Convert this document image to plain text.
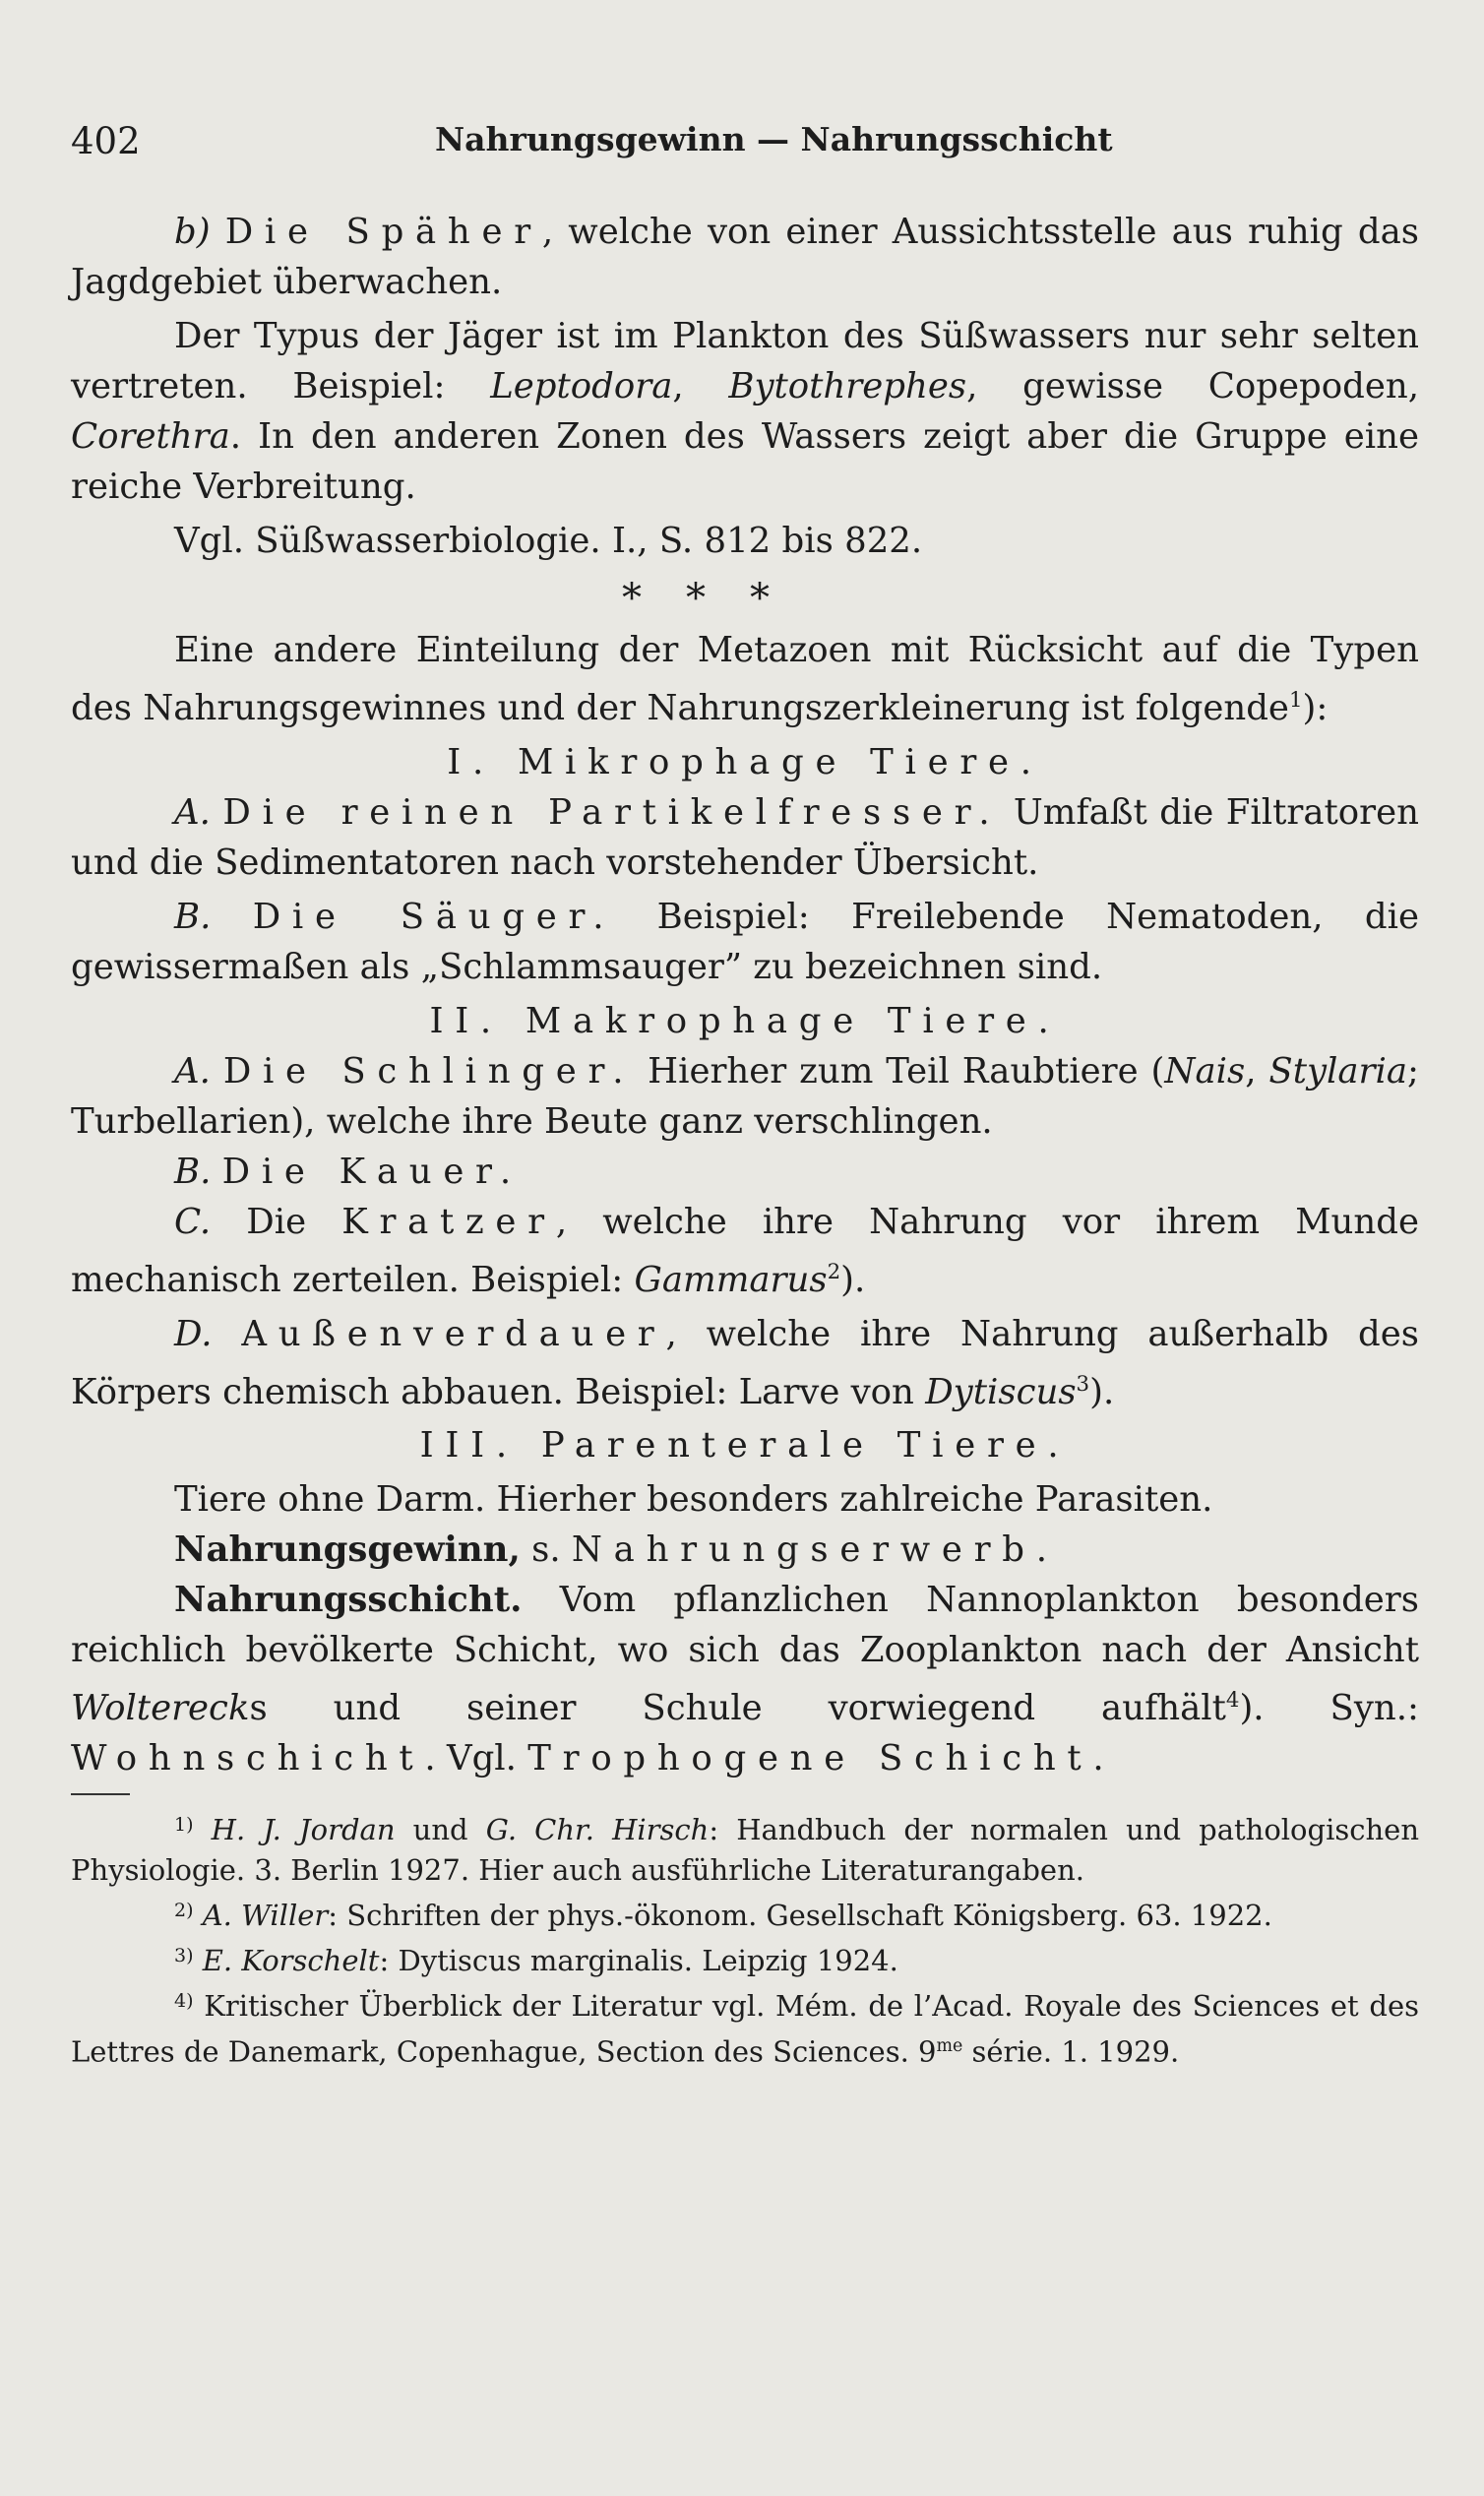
402	Nahrungsgewinn — Nahrungsschicht

b) Die Späher, welche von einer Aussichtsstelle aus ruhig das Jagdgebiet überwachen.

Der Typus der Jäger ist im Plankton des Süßwassers nur sehr selten vertreten. Beispiel: Leptodora, Bytothrephes, gewisse Copepoden, Corethra. In den anderen Zonen des Wassers zeigt aber die Gruppe eine reiche Verbreitung.

Vgl. Süßwasserbiologie. I., S. 812 bis 822.

* * *

Eine andere Einteilung der Metazoen mit Rücksicht auf die Typen des Nahrungsgewinnes und der Nahrungszerkleinerung ist folgende$^1$):

I. Mikrophage Tiere.

A. Die reinen Partikelfresser. Umfaßt die Filtratoren und die Sedimentatoren nach vorstehender Übersicht.

B. Die Säuger. Beispiel: Freilebende Nematoden, die gewissermaßen als „Schlammsauger” zu bezeichnen sind.

II. Makrophage Tiere.

A. Die Schlinger. Hierher zum Teil Raubtiere (Nais, Stylaria; Turbellarien), welche ihre Beute ganz verschlingen.

B. Die Kauer.

C. Die Kratzer, welche ihre Nahrung vor ihrem Munde mechanisch zerteilen. Beispiel: Gammarus$^2$).

D. Außenverdauer, welche ihre Nahrung außerhalb des Körpers chemisch abbauen. Beispiel: Larve von Dytiscus$^3$).

III. Parenterale Tiere.

Tiere ohne Darm. Hierher besonders zahlreiche Parasiten.

Nahrungsgewinn, s. Nahrungserwerb.

Nahrungsschicht. Vom pflanzlichen Nannoplankton besonders reichlich bevölkerte Schicht, wo sich das Zooplankton nach der Ansicht Wolterecks und seiner Schule vorwiegend aufhält$^4$). Syn.: Wohnschicht. Vgl. Trophogene Schicht.

$^{1)}$ H. J. Jordan und G. Chr. Hirsch: Handbuch der normalen und pathologischen Physiologie. 3. Berlin 1927. Hier auch ausführliche Literaturangaben.

$^{2)}$ A. Willer: Schriften der phys.-ökonom. Gesellschaft Königsberg. 63. 1922.

$^{3)}$ E. Korschelt: Dytiscus marginalis. Leipzig 1924.

$^{4)}$ Kritischer Überblick der Literatur vgl. Mém. de l’Acad. Royale des Sciences et des Lettres de Danemark, Copenhague, Section des Sciences. $9^{me}$ série. 1. 1929.
